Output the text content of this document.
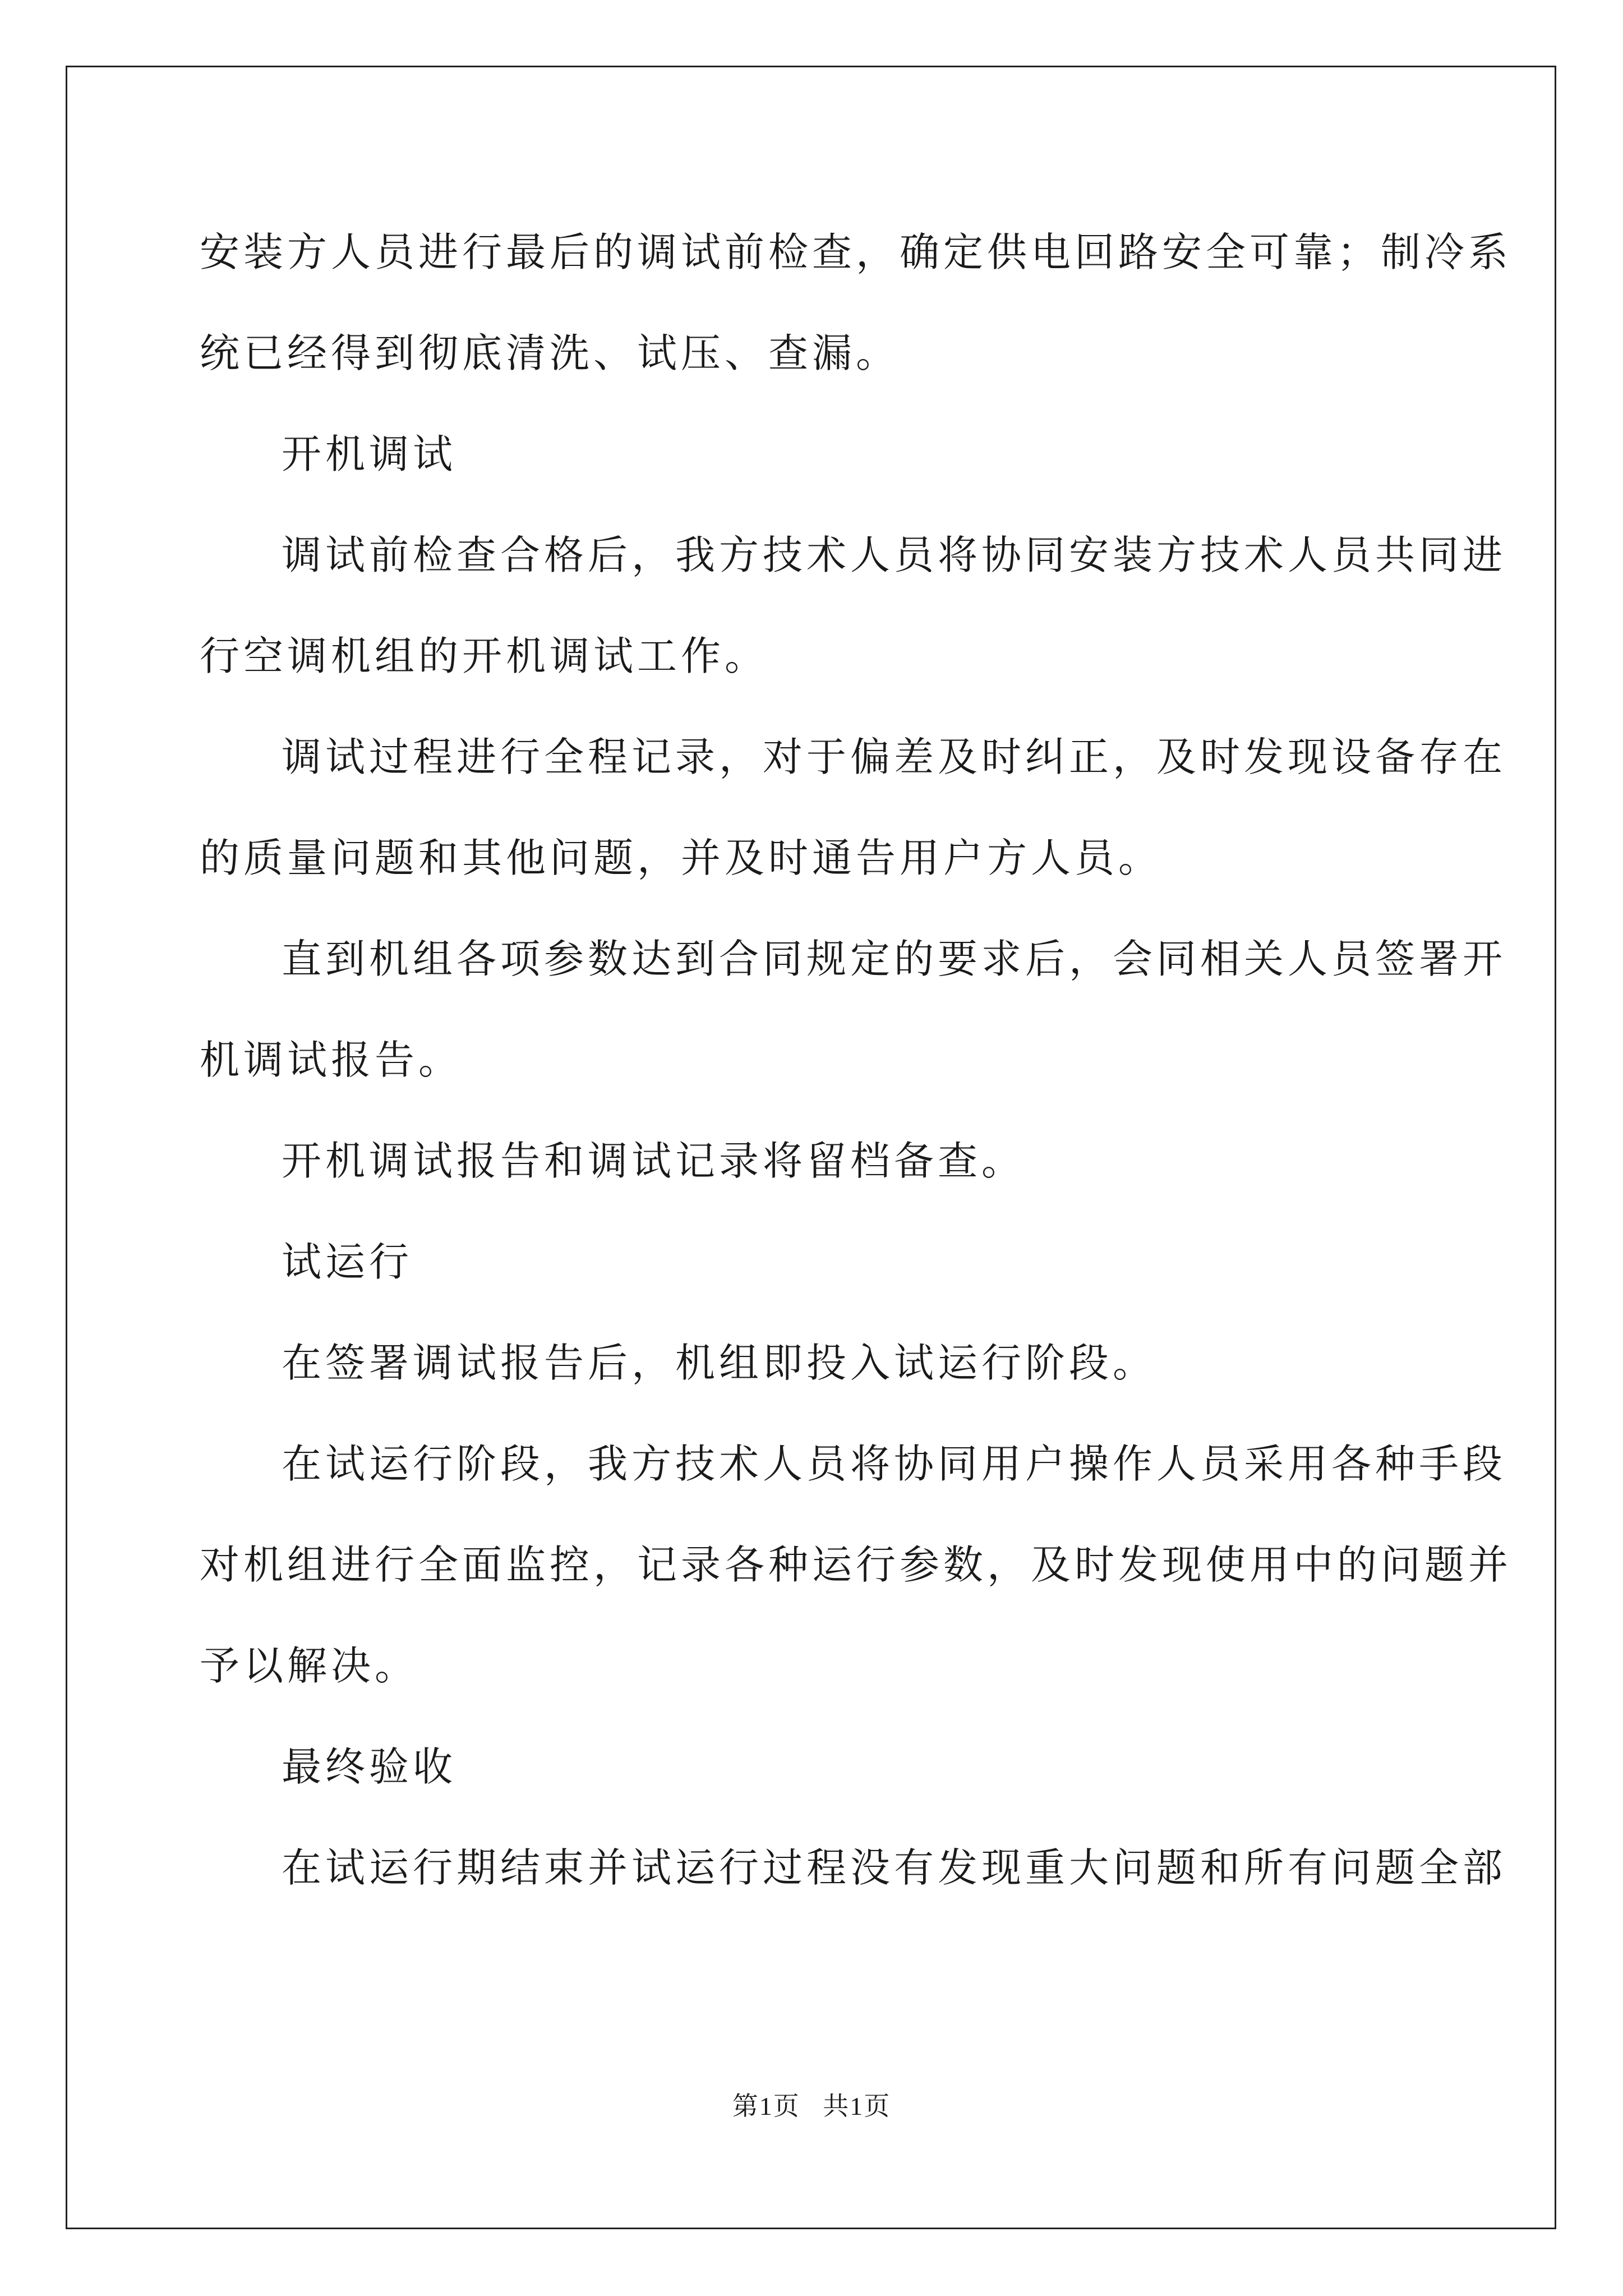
安装方人员进行最后的调试前检查，确定供电回路安全可靠；制冷系

统已经得到彻底清洗、试压、查漏。

开机调试

调试前检查合格后，我方技术人员将协同安装方技术人员共同进

行空调机组的开机调试工作。

调试过程进行全程记录，对于偏差及时纠正，及时发现设备存在

的质量问题和其他问题，并及时通告用户方人员。

直到机组各项参数达到合同规定的要求后，会同相关人员签署开

机调试报告。

开机调试报告和调试记录将留档备查。

试运行

在签署调试报告后，机组即投入试运行阶段。

在试运行阶段，我方技术人员将协同用户操作人员采用各种手段

对机组进行全面监控，记录各种运行参数，及时发现使用中的问题并

予以解决。

最终验收

在试运行期结束并试运行过程没有发现重大问题和所有问题全部

第1页 共1页
